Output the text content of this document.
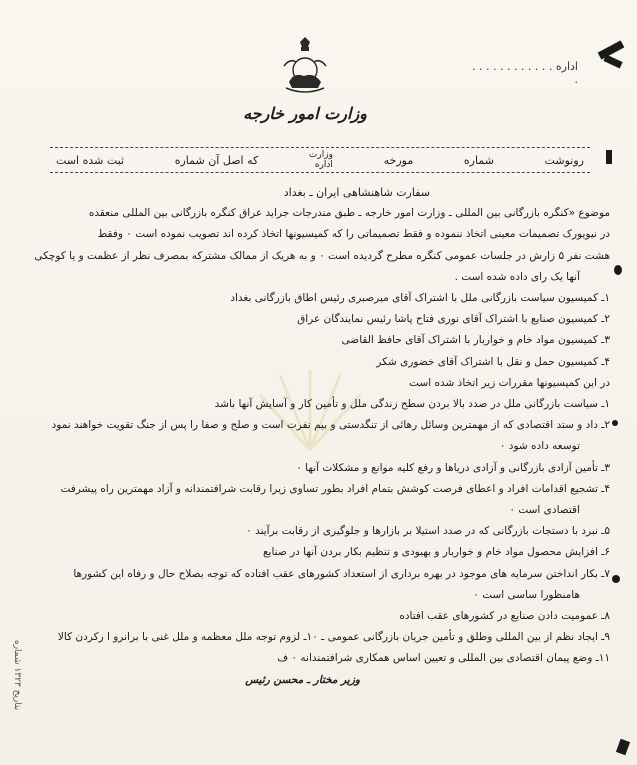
اداره . . . . . . . . . . . . .
وزارت امور خارجه
رونوشت
شماره
مورخه
وزارت
اداره
که اصل آن شماره
ثبت شده است
سفارت شاهنشاهی ایران ـ بغداد
موضوع «کنگره بازرگانی بین المللی ـ وزارت امور خارجه ـ طبق مندرجات جراید عراق کنگره بازرگانی بین المللی منعقده
در نیویورک تصمیمات معینی اتخاذ ننموده و فقط تصمیماتی را که کمیسیونها اتخاذ کرده اند تصویب نموده است ۰ وفقط
هشت نفر ۵ زارش در جلسات عمومی کنگره مطرح گردیده است ۰ و به هریک از ممالک مشترکه بمصرف نظر از عظمت و یا کوچکی
آنها یک رای داده شده است .
۱ـ کمیسیون سیاست بازرگانی ملل با اشتراک آقای میرصبری رئیس اطاق بازرگانی بغداد
۲ـ کمیسیون صنایع با اشتراک آقای نوری فتاح پاشا رئیس نمایندگان عراق
۳ـ کمیسیون مواد خام و خواربار با اشتراک آقای حافظ القاضی
۴ـ کمیسیون حمل و نقل با اشتراک آقای خضوری شکر
در این کمیسیونها مقررات زیر اتخاذ شده است
۱ـ سیاست بازرگانی ملل در صدد بالا بردن سطح زندگی ملل و تأمین کار و آسایش آنها باشد
۲ـ داد و ستد اقتصادی که از مهمترین وسائل رهائی از تنگدستی و بیم نفرت است و صلح و صفا را پس از جنگ تقویت خواهند نمود
توسعه داده شود ۰
۳ـ تأمین آزادی بازرگانی و آزادی دریاها و رفع کلیه موانع و مشکلات آنها ۰
۴ـ تشجیع اقدامات افراد و اعطای فرصت کوشش بتمام افراد بطور تساوی زیرا رقابت شرافتمندانه و آزاد مهمترین راه پیشرفت
اقتصادی است ۰
۵ـ نبرد با دستجات بازرگانی که در صدد استیلا بر بازارها و جلوگیری از رقابت برآیند ۰
۶ـ افزایش محصول مواد خام و خواربار و بهبودی و تنظیم بکار بردن آنها در صنایع
۷ـ بکار انداختن سرمایه های موجود در بهره برداری از استعداد کشورهای عقب افتاده که توجه بصلاح حال و رفاه این کشورها
هامنظورا ساسی است ۰
۸ـ عمومیت دادن صنایع در کشورهای عقب افتاده
۹ـ ایجاد نظم از بین المللی وطلق و تأمین جریان بازرگانی عمومی ـ ۱۰ـ لزوم توجه ملل معظمه و ملل غنی با برانرو ا رکردن کالا
۱۱ـ وضع پیمان اقتصادی بین المللی و تعیین اساس همکاری شرافتمندانه ۰ ف
وزیر مختار ـ محسن رئیس
بتاریخ ۱۳۲۳ شماره
